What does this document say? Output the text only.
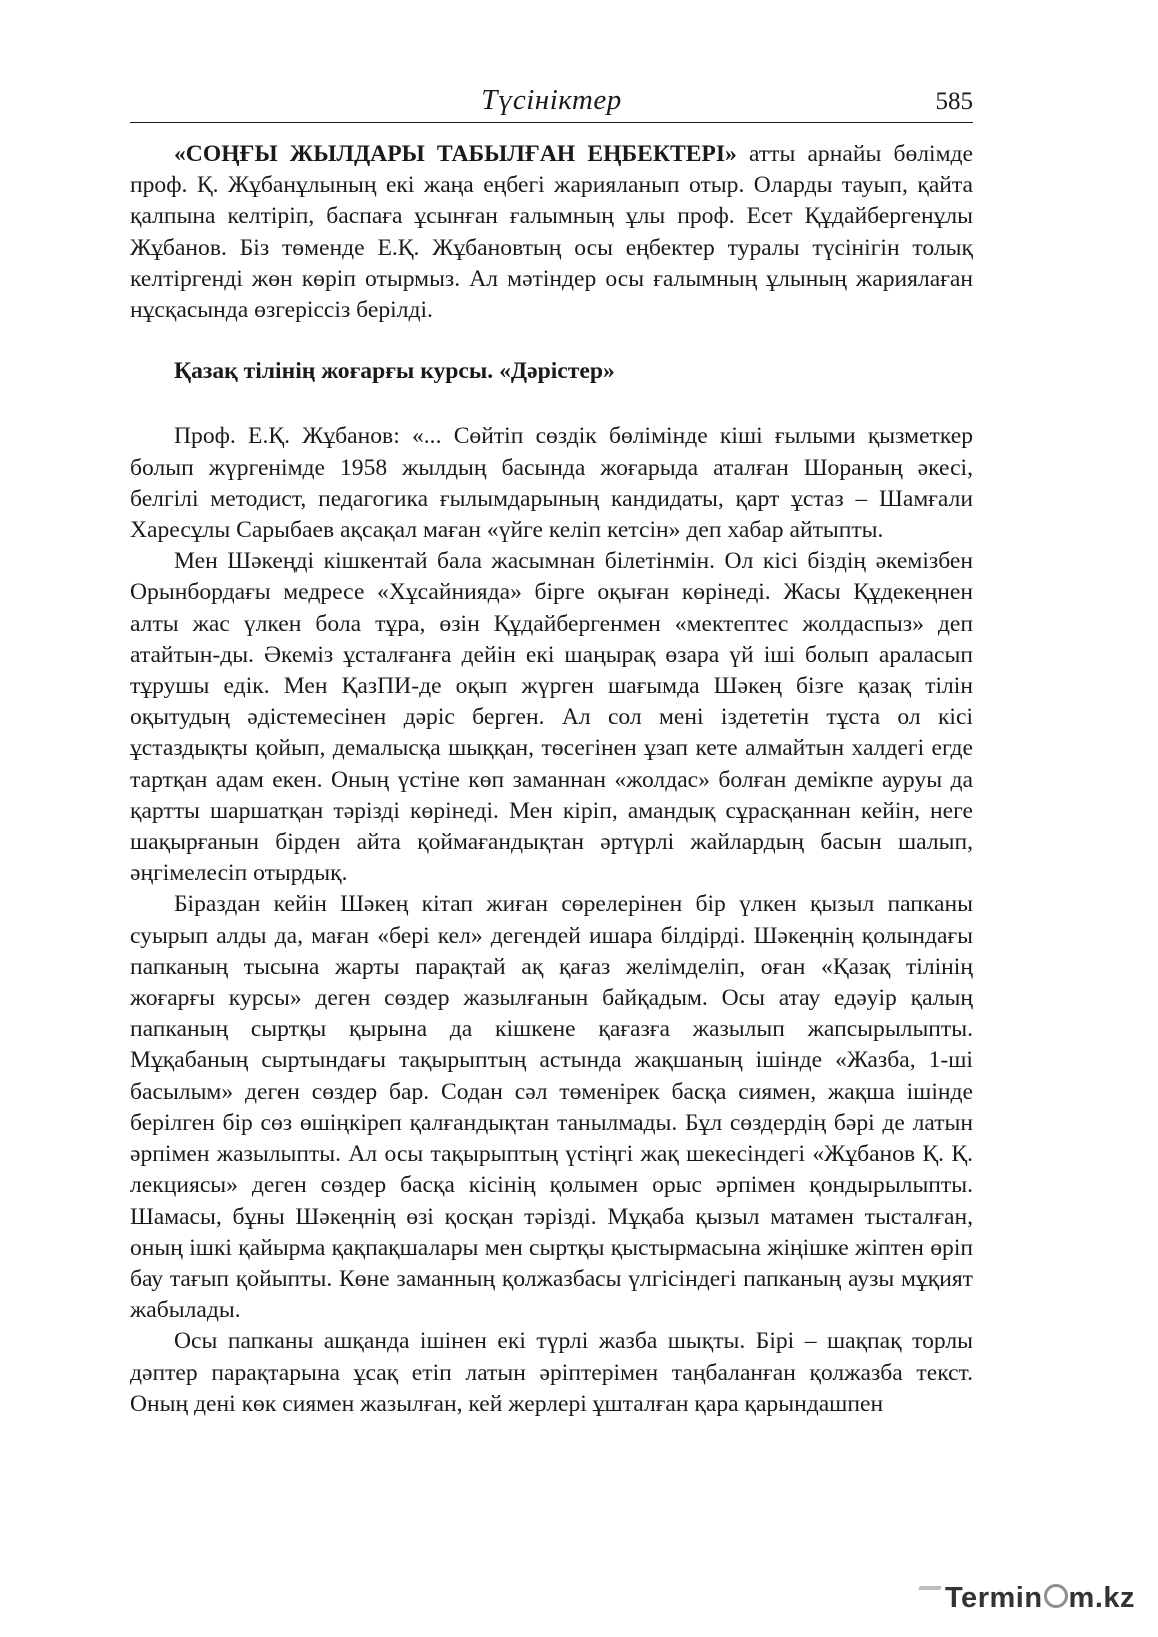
Түсініктер	585

«СОҢҒЫ ЖЫЛДАРЫ ТАБЫЛҒАН ЕҢБЕКТЕРІ» атты арнайы бөлімде проф. Қ. Жұбанұлының екі жаңа еңбегі жарияланып отыр. Оларды тауып, қайта қалпына келтіріп, баспаға ұсынған ғалымның ұлы проф. Есет Құдайбергенұлы Жұбанов. Біз төменде Е.Қ. Жұбановтың осы еңбектер туралы түсінігін толық келтіргенді жөн көріп отырмыз. Ал мәтіндер осы ғалымның ұлының жариялаған нұсқасында өзгеріссіз берілді.

Қазақ тілінің жоғарғы курсы. «Дәрістер»

Проф. Е.Қ. Жұбанов: «... Сөйтіп сөздік бөлімінде кіші ғылыми қызметкер болып жүргенімде 1958 жылдың басында жоғарыда аталған Шораның әкесі, белгілі методист, педагогика ғылымдарының кандидаты, қарт ұстаз – Шамғали Харесұлы Сарыбаев ақсақал маған «үйге келіп кетсін» деп хабар айтыпты.

Мен Шәкеңді кішкентай бала жасымнан білетінмін. Ол кісі біздің әкемізбен Орынбордағы медресе «Хұсайнияда» бірге оқыған көрінеді. Жасы Құдекеңнен алты жас үлкен бола тұра, өзін Құдайбергенмен «мектептес жолдаспыз» деп атайтын-ды. Әкеміз ұсталғанға дейін екі шаңырақ өзара үй іші болып араласып тұрушы едік. Мен ҚазПИ-де оқып жүрген шағымда Шәкең бізге қазақ тілін оқытудың әдістемесінен дәріс берген. Ал сол мені іздететін тұста ол кісі ұстаздықты қойып, демалысқа шыққан, төсегінен ұзап кете алмайтын халдегі егде тартқан адам екен. Оның үстіне көп заманнан «жолдас» болған демікпе ауруы да қартты шаршатқан тәрізді көрінеді. Мен кіріп, амандық сұрасқаннан кейін, неге шақырғанын бірден айта қоймағандықтан әртүрлі жайлардың басын шалып, әңгімелесіп отырдық.

Біраздан кейін Шәкең кітап жиған сөрелерінен бір үлкен қызыл папканы суырып алды да, маған «бері кел» дегендей ишара білдірді. Шәкеңнің қолындағы папканың тысына жарты парақтай ақ қағаз желімделіп, оған «Қазақ тілінің жоғарғы курсы» деген сөздер жазылғанын байқадым. Осы атау едәуір қалың папканың сыртқы қырына да кішкене қағазға жазылып жапсырылыпты. Мұқабаның сыртындағы тақырыптың астында жақшаның ішінде «Жазба, 1-ші басылым» деген сөздер бар. Содан сәл төменірек басқа сиямен, жақша ішінде берілген бір сөз өшіңкіреп қалғандықтан танылмады. Бұл сөздердің бәрі де латын әрпімен жазылыпты. Ал осы тақырыптың үстіңгі жақ шекесіндегі «Жұбанов Қ. Қ. лекциясы» деген сөздер басқа кісінің қолымен орыс әрпімен қондырылыпты. Шамасы, бұны Шәкеңнің өзі қосқан тәрізді. Мұқаба қызыл матамен тысталған, оның ішкі қайырма қақпақшалары мен сыртқы қыстырмасына жіңішке жіптен өріп бау тағып қойыпты. Көне заманның қолжазбасы үлгісіндегі папканың аузы мұқият жабылады.

Осы папканы ашқанда ішінен екі түрлі жазба шықты. Бірі – шақпақ торлы дәптер парақтарына ұсақ етіп латын әріптерімен таңбаланған қолжазба текст. Оның дені көк сиямен жазылған, кей жерлері ұшталған қара қарындашпен

Termin m.kz
